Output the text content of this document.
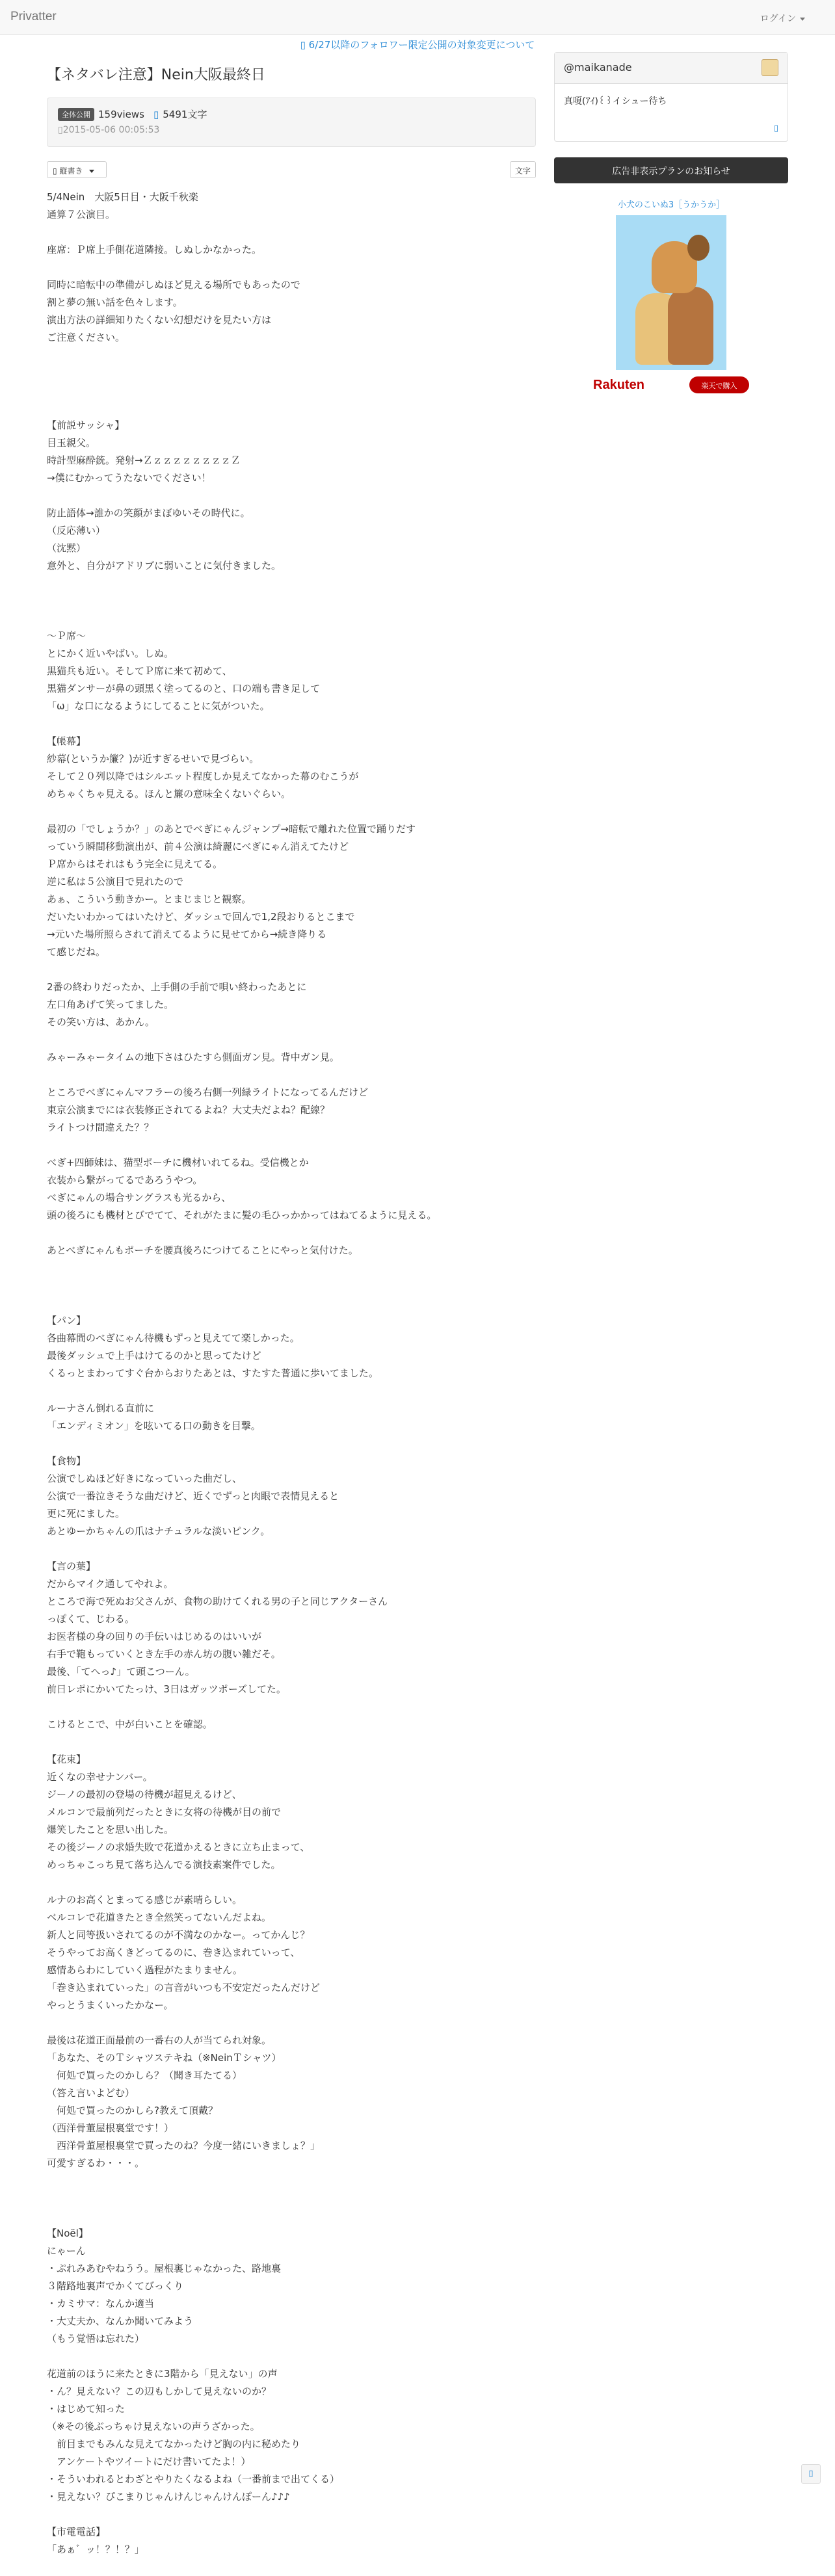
Privatter	ログイン
▯ 6/27以降のフォロワー限定公開の対象変更について
【ネタバレ注意】Nein大阪最終日
全体公開 159views ▯ 5491文字
▯2015-05-06 00:05:53
▯ 縦書き	文字
5/4Nein　大阪5日目・大阪千秋楽
通算７公演目。
座席：Ｐ席上手側花道隣接。しぬしかなかった。
同時に暗転中の準備がしぬほど見える場所でもあったので
割と夢の無い話を色々します。
演出方法の詳細知りたくない幻想だけを見たい方は
ご注意ください。

【前説サッシャ】
目玉親父。
時計型麻酔銃。発射→ＺｚｚｚｚｚｚｚｚＺ
→僕にむかってうたないでください！
防止語体→誰かの笑顔がまぼゆいその時代に。
（反応薄い）
（沈黙）
意外と、自分がアドリブに弱いことに気付きました。

〜Ｐ席〜
とにかく近いやばい。しぬ。
黒猫兵も近い。そしてＰ席に来て初めて、
黒猫ダンサーが鼻の頭黒く塗ってるのと、口の端も書き足して
「ω」な口になるようにしてることに気がついた。
【帳幕】
紗幕(というか簾？)が近すぎるせいで見づらい。
そして２０列以降ではシルエット程度しか見えてなかった幕のむこうが
めちゃくちゃ見える。ほんと簾の意味全くないぐらい。
最初の「でしょうか？」のあとでべぎにゃんジャンプ→暗転で離れた位置で踊りだす
っていう瞬間移動演出が、前４公演は綺麗にべぎにゃん消えてたけど
Ｐ席からはそれはもう完全に見えてる。
逆に私は５公演目で見れたので
あぁ、こういう動きかー。とまじまじと観察。
だいたいわかってはいたけど、ダッシュで回んで1,2段おりるとこまで
→元いた場所照らされて消えてるように見せてから→続き降りる
て感じだね。
2番の終わりだったか、上手側の手前で唄い終わったあとに
左口角あげて笑ってました。
その笑い方は、あかん。
みゃーみゃータイムの地下さはひたすら側面ガン見。背中ガン見。
ところでべぎにゃんマフラーの後ろ右側一列緑ライトになってるんだけど
東京公演までには衣装修正されてるよね？大丈夫だよね？配線？
ライトつけ間違えた？？
べぎ+四師妹は、猫型ポーチに機材いれてるね。受信機とか
衣装から繋がってるであろうやつ。
べぎにゃんの場合サングラスも光るから、
頭の後ろにも機材とびでてて、それがたまに髪の毛ひっかかってはねてるように見える。
あとべぎにゃんもポーチを腰真後ろにつけてることにやっと気付けた。

【パン】
各曲幕間のべぎにゃん待機もずっと見えてて楽しかった。
最後ダッシュで上手はけてるのかと思ってたけど
くるっとまわってすぐ台からおりたあとは、すたすた普通に歩いてました。
ルーナさん倒れる直前に
「エンディミオン」を呟いてる口の動きを目撃。
【食物】
公演でしぬほど好きになっていった曲だし、
公演で一番泣きそうな曲だけど、近くでずっと肉眼で表情見えると
更に死にました。
あとゆーかちゃんの爪はナチュラルな淡いピンク。
【言の葉】
だからマイク通してやれよ。
ところで海で死ぬお父さんが、食物の助けてくれる男の子と同じアクターさん
っぽくて、じわる。
お医者様の身の回りの手伝いはじめるのはいいが
右手で鞄もっていくとき左手の赤ん坊の腹い雑だそ。
最後、「てへっ♪」て頭こつーん。
前日レポにかいてたっけ、3日はガッツポーズしてた。
こけるとこで、中が白いことを確認。
【花束】
近くなの幸せナンバー。
ジーノの最初の登場の待機が超見えるけど、
メルコンで最前列だったときに女将の待機が目の前で
爆笑したことを思い出した。
その後ジーノの求婚失敗で花道かえるときに立ち止まって、
めっちゃこっち見て落ち込んでる演技素案件でした。
ルナのお高くとまってる感じが素晴らしい。
ベルコレで花道きたとき全然笑ってないんだよね。
新人と同等扱いされてるのが不満なのかなー。ってかんじ？
そうやってお高くきどってるのに、巻き込まれていって、
感情あらわにしていく過程がたまりません。
「巻き込まれていった」の言音がいつも不安定だったんだけど
やっとうまくいったかなー。
最後は花道正面最前の一番右の人が当てられ対象。
「あなた、そのＴシャツステキね（※NeinＴシャツ）
　何処で買ったのかしら？（聞き耳たてる）
（答え言いよどむ）
　何処で買ったのかしら?教えて頂戴？
（西洋骨董屋根裏堂です！）
　西洋骨董屋根裏堂で買ったのね？今度一緒にいきましょ？」
可愛すぎるわ・・・。

【Noël】
にゃーん
・ぷれみあむやねうう。屋根裏じゃなかった、路地裏
３階路地裏声でかくてびっくり
・カミサマ：なんか適当
・大丈夫か、なんか聞いてみよう
（もう覚悟は忘れた）
花道前のほうに来たときに3階から「見えない」の声
・ん？見えない？この辺もしかして見えないのか？
・はじめて知った
（※その後ぶっちゃけ見えないの声うざかった。
　前目までもみんな見えてなかったけど胸の内に秘めたり
　アンケートやツイートにだけ書いてたよ！）
・そういわれるとわざとやりたくなるよね（一番前まで出てくる）
・見えない？ぴこまりじゃんけんじゃんけんぽーん♪♪♪
【市電電話】
「あぁ゛ッ！？！？」
@maikanade
真嗄(ｱｲ)꒰꒱イシュー待ち
▯
広告非表示プランのお知らせ
小犬のこいぬ3［うかうか］
Rakuten	楽天で購入
▯
